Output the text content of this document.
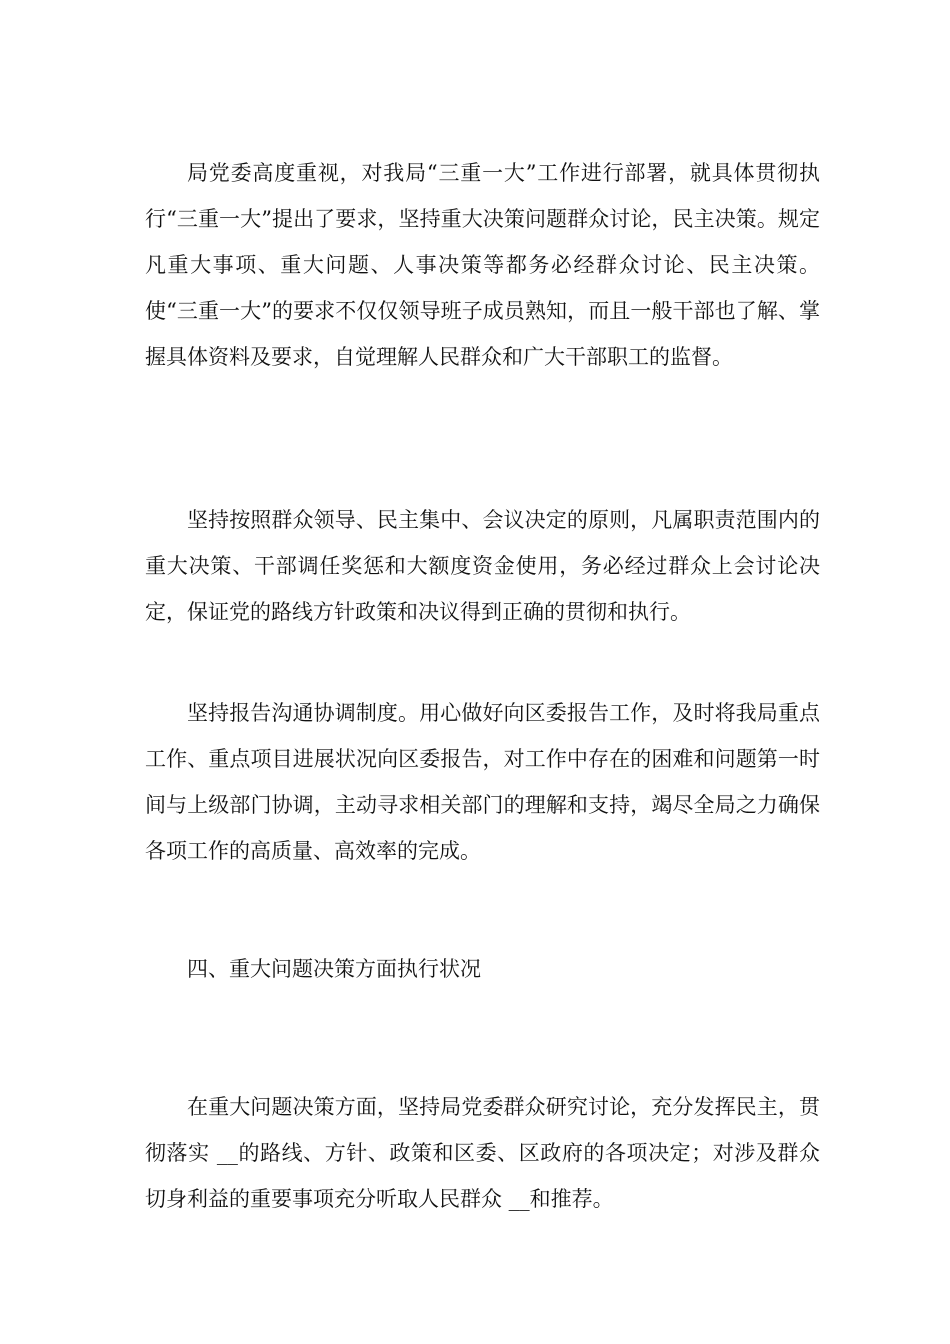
局党委高度重视，对我局“三重一大”工作进行部署，就具体贯彻执行“三重一大”提出了要求，坚持重大决策问题群众讨论，民主决策。规定凡重大事项、重大问题、人事决策等都务必经群众讨论、民主决策。使“三重一大”的要求不仅仅领导班子成员熟知，而且一般干部也了解、掌握具体资料及要求，自觉理解人民群众和广大干部职工的监督。

坚持按照群众领导、民主集中、会议决定的原则，凡属职责范围内的重大决策、干部调任奖惩和大额度资金使用，务必经过群众上会讨论决定，保证党的路线方针政策和决议得到正确的贯彻和执行。

坚持报告沟通协调制度。用心做好向区委报告工作，及时将我局重点工作、重点项目进展状况向区委报告，对工作中存在的困难和问题第一时间与上级部门协调，主动寻求相关部门的理解和支持，竭尽全局之力确保各项工作的高质量、高效率的完成。

四、重大问题决策方面执行状况

在重大问题决策方面，坚持局党委群众研究讨论，充分发挥民主，贯彻落实 __的路线、方针、政策和区委、区政府的各项决定；对涉及群众切身利益的重要事项充分听取人民群众 __和推荐。
